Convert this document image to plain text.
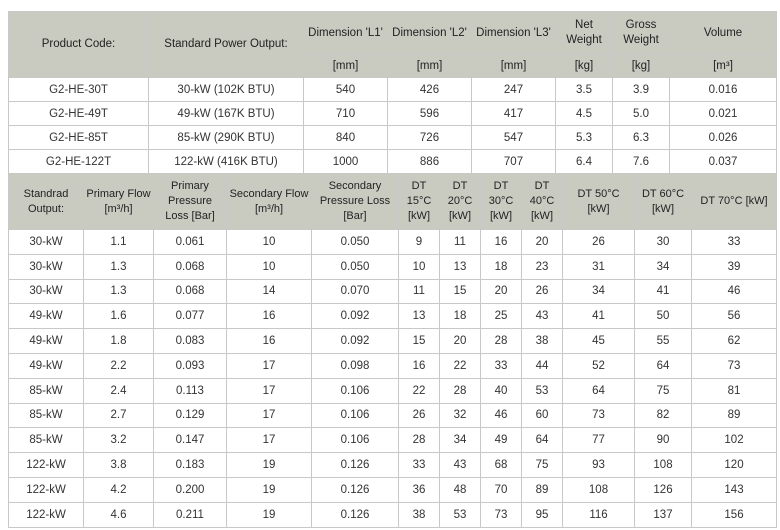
Product Code:	Standard Power Output:	Dimension 'L1'	Dimension 'L2'	Dimension 'L3'	Net Weight	Gross Weight	Volume
		[mm]	[mm]	[mm]	[kg]	[kg]	[m³]
G2-HE-30T	30-kW (102K BTU)	540	426	247	3.5	3.9	0.016
G2-HE-49T	49-kW (167K BTU)	710	596	417	4.5	5.0	0.021
G2-HE-85T	85-kW (290K BTU)	840	726	547	5.3	6.3	0.026
G2-HE-122T	122-kW (416K BTU)	1000	886	707	6.4	7.6	0.037
Standrad Output:	Primary Flow [m³/h]	Primary Pressure Loss [Bar]	Secondary Flow [m³/h]	Secondary Pressure Loss [Bar]	DT 15°C [kW]	DT 20°C [kW]	DT 30°C [kW]	DT 40°C [kW]	DT 50°C [kW]	DT 60°C [kW]	DT 70°C [kW]
30-kW	1.1	0.061	10	0.050	9	11	16	20	26	30	33
30-kW	1.3	0.068	10	0.050	10	13	18	23	31	34	39
30-kW	1.3	0.068	14	0.070	11	15	20	26	34	41	46
49-kW	1.6	0.077	16	0.092	13	18	25	43	41	50	56
49-kW	1.8	0.083	16	0.092	15	20	28	38	45	55	62
49-kW	2.2	0.093	17	0.098	16	22	33	44	52	64	73
85-kW	2.4	0.113	17	0.106	22	28	40	53	64	75	81
85-kW	2.7	0.129	17	0.106	26	32	46	60	73	82	89
85-kW	3.2	0.147	17	0.106	28	34	49	64	77	90	102
122-kW	3.8	0.183	19	0.126	33	43	68	75	93	108	120
122-kW	4.2	0.200	19	0.126	36	48	70	89	108	126	143
122-kW	4.6	0.211	19	0.126	38	53	73	95	116	137	156
